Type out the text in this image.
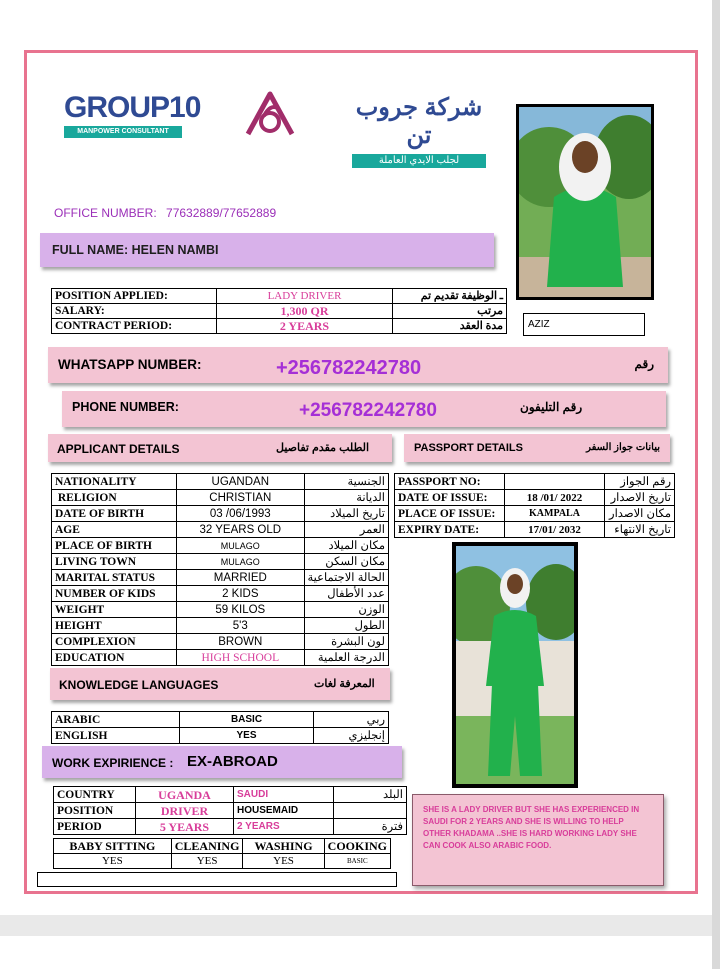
GROUP10
MANPOWER CONSULTANT
شركة جروب تن
لجلب الايدي العاملة
OFFICE NUMBER: 77632889/77652889
AZIZ
FULL NAME: HELEN NAMBI
POSITION APPLIED:	LADY DRIVER	ـ الوظيفة تقديم تم
SALARY:	1,300 QR	مرتب
CONTRACT PERIOD:	2 YEARS	مدة العقد
WHATSAPP NUMBER:	+256782242780	رقم
PHONE NUMBER:	+256782242780	رقم التليفون
APPLICANT DETAILS	الطلب مقدم تفاصيل	PASSPORT DETAILS	بيانات جواز السفر
NATIONALITY	UGANDAN	الجنسية
RELIGION	CHRISTIAN	الديانة
DATE OF BIRTH	03 /06/1993	تاريخ الميلاد
AGE	32 YEARS OLD	العمر
PLACE OF BIRTH	MULAGO	مكان الميلاد
LIVING TOWN	MULAGO	مكان السكن
MARITAL STATUS	MARRIED	الحالة الاجتماعية
NUMBER OF KIDS	2 KIDS	عدد الأطفال
WEIGHT	59 KILOS	الوزن
HEIGHT	5'3	الطول
COMPLEXION	BROWN	لون البشرة
EDUCATION	HIGH SCHOOL	الدرجة العلمية
PASSPORT NO:		رقم الجواز
DATE OF ISSUE:	18 /01/ 2022	تاريخ الاصدار
PLACE OF ISSUE:	KAMPALA	مكان الاصدار
EXPIRY DATE:	17/01/ 2032	تاريخ الانتهاء
KNOWLEDGE LANGUAGES	المعرفة لغات
ARABIC	BASIC	ربي
ENGLISH	YES	إنجليزي
WORK EXPIRIENCE : EX-ABROAD
COUNTRY	UGANDA	SAUDI	البلد
POSITION	DRIVER	HOUSEMAID	
PERIOD	5 YEARS	2 YEARS	فترة
BABY SITTING	CLEANING	WASHING	COOKING
YES	YES	YES	BASIC
SHE IS A LADY DRIVER BUT SHE HAS EXPERIENCED IN SAUDI FOR 2 YEARS AND SHE IS WILLING TO HELP OTHER KHADAMA ..SHE IS HARD WORKING LADY SHE CAN COOK ALSO ARABIC FOOD.
